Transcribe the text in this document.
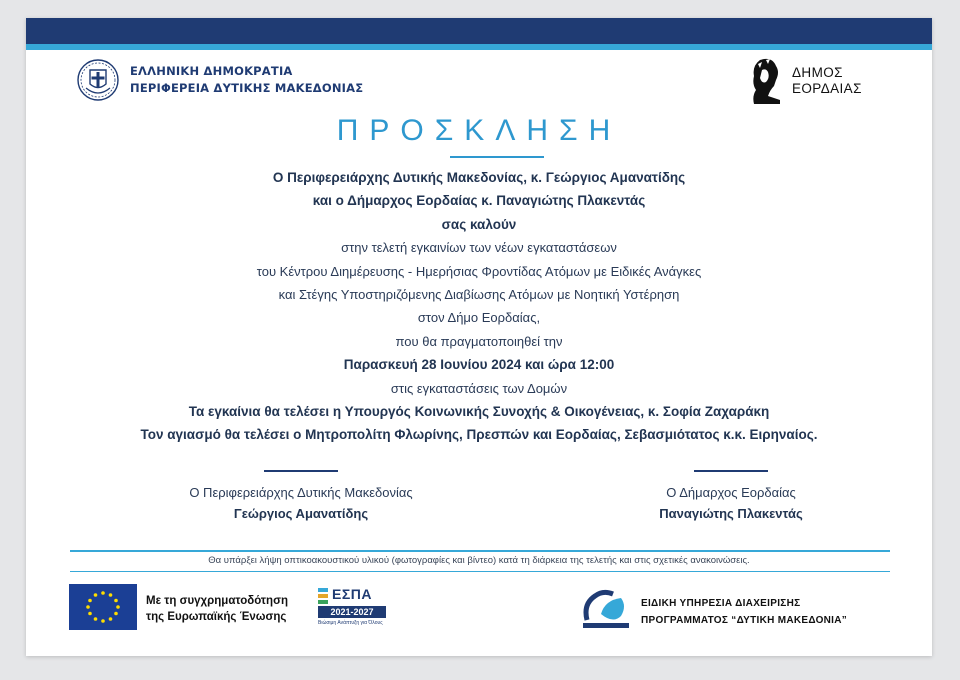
ΕΛΛΗΝΙΚΗ ΔΗΜΟΚΡΑΤΙΑ
ΠΕΡΙΦΕΡΕΙΑ ΔΥΤΙΚΗΣ ΜΑΚΕΔΟΝΙΑΣ
ΔΗΜΟΣ
ΕΟΡΔΑΙΑΣ
ΠΡΟΣΚΛΗΣΗ
Ο Περιφερειάρχης Δυτικής Μακεδονίας, κ. Γεώργιος Αμανατίδης
και ο Δήμαρχος Εορδαίας κ. Παναγιώτης Πλακεντάς
σας καλούν
στην τελετή εγκαινίων των νέων εγκαταστάσεων
του Κέντρου Διημέρευσης - Ημερήσιας Φροντίδας Ατόμων με Ειδικές Ανάγκες
και Στέγης Υποστηριζόμενης Διαβίωσης Ατόμων με Νοητική Υστέρηση
στον Δήμο Εορδαίας,
που θα πραγματοποιηθεί την
Παρασκευή 28 Ιουνίου 2024 και ώρα 12:00
στις εγκαταστάσεις των Δομών
Τα εγκαίνια θα τελέσει η Υπουργός Κοινωνικής Συνοχής & Οικογένειας, κ. Σοφία Ζαχαράκη
Τον αγιασμό θα τελέσει ο Μητροπολίτη Φλωρίνης, Πρεσπών και Εορδαίας, Σεβασμιότατος κ.κ. Ειρηναίος.
Ο Περιφερειάρχης Δυτικής Μακεδονίας
Γεώργιος Αμανατίδης
Ο Δήμαρχος Εορδαίας
Παναγιώτης Πλακεντάς
Θα υπάρξει λήψη οπτικοακουστικού υλικού (φωτογραφίες και βίντεο) κατά τη διάρκεια της τελετής και στις σχετικές ανακοινώσεις.
Με τη συγχρηματοδότηση
της Ευρωπαϊκής Ένωσης
ΕΣΠΑ
2021-2027
Βιώσιμη Ανάπτυξη για Όλους
ΕΙΔΙΚΗ ΥΠΗΡΕΣΙΑ ΔΙΑΧΕΙΡΙΣΗΣ
ΠΡΟΓΡΑΜΜΑΤΟΣ “ΔΥΤΙΚΗ ΜΑΚΕΔΟΝΙΑ”
